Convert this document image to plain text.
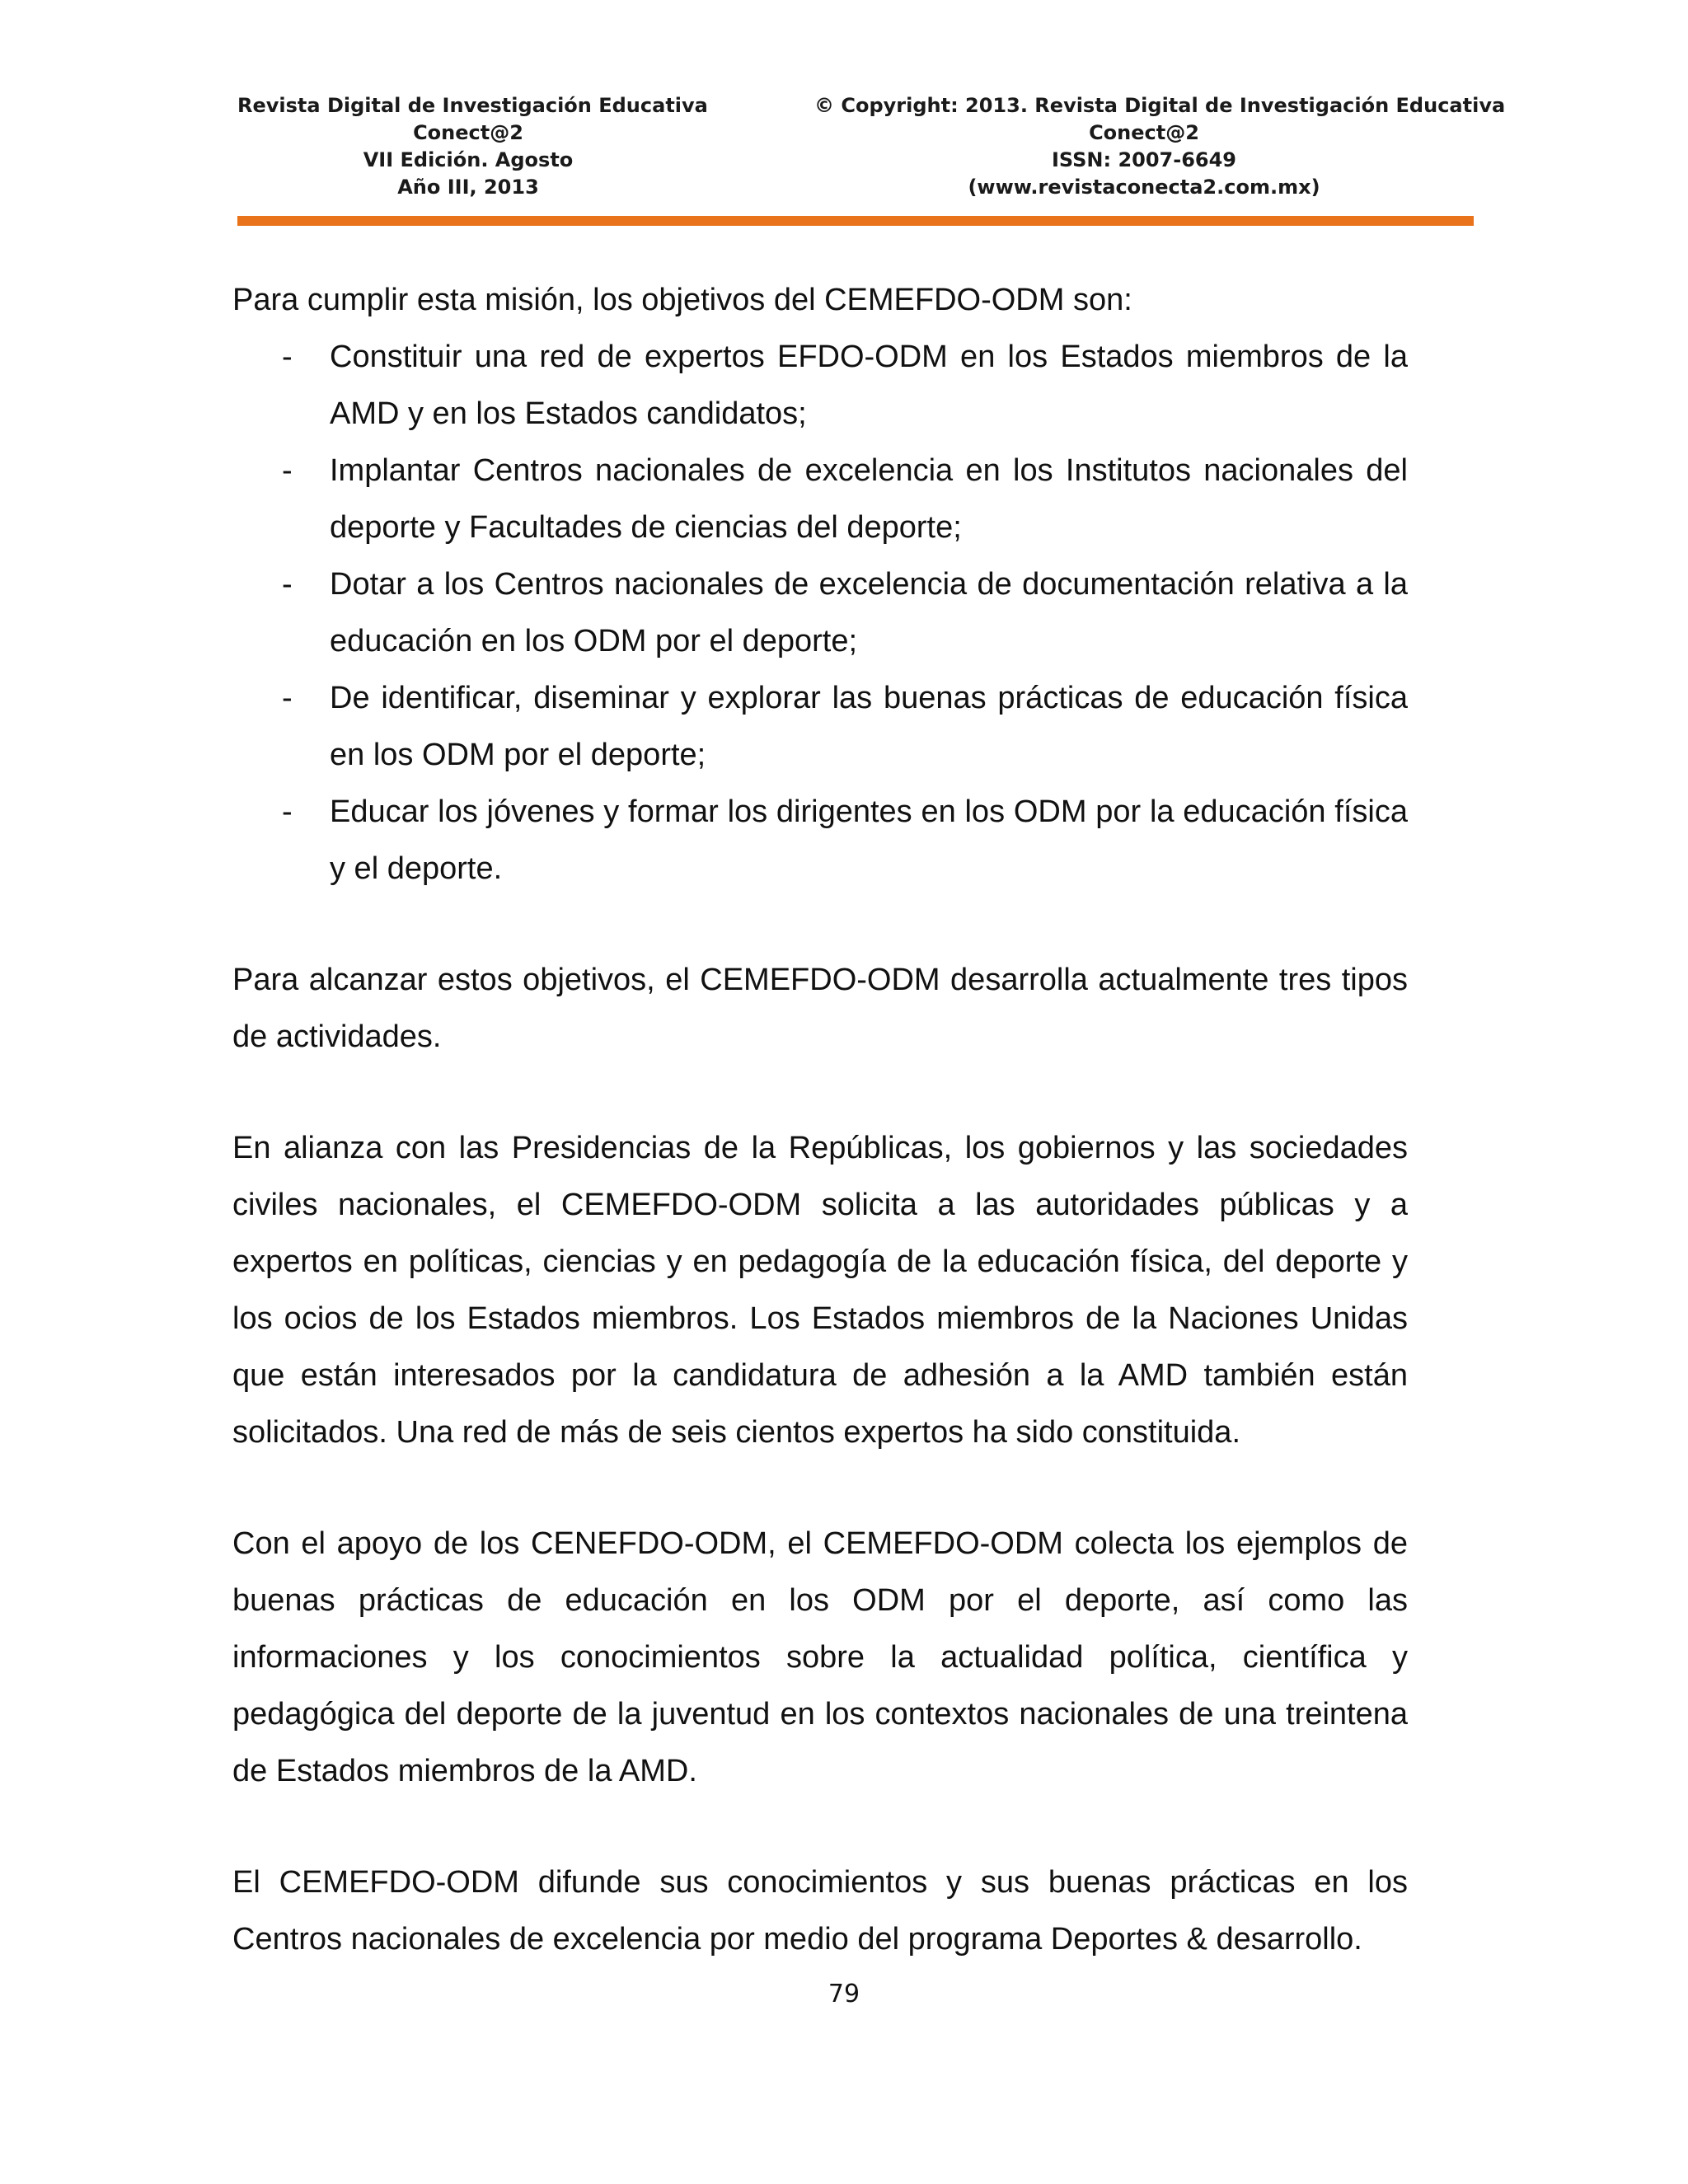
Revista Digital de Investigación Educativa
Conect@2
VII Edición. Agosto
Año III, 2013
© Copyright: 2013. Revista Digital de Investigación Educativa
Conect@2
ISSN: 2007-6649
(www.revistaconecta2.com.mx)

Para cumplir esta misión, los objetivos del CEMEFDO-ODM son:

- Constituir una red de expertos EFDO-ODM en los Estados miembros de la AMD y en los Estados candidatos;
- Implantar Centros nacionales de excelencia en los Institutos nacionales del deporte y Facultades de ciencias del deporte;
- Dotar a los Centros nacionales de excelencia de documentación relativa a la educación en los ODM por el deporte;
- De identificar, diseminar y explorar las buenas prácticas de educación física en los ODM por el deporte;
- Educar los jóvenes y formar los dirigentes en los ODM por la educación física y el deporte.

Para alcanzar estos objetivos, el CEMEFDO-ODM desarrolla actualmente tres tipos de actividades.

En alianza con las Presidencias de la Repúblicas, los gobiernos y las sociedades civiles nacionales, el CEMEFDO-ODM solicita a las autoridades públicas y a expertos en políticas, ciencias y en pedagogía de la educación física, del deporte y los ocios de los Estados miembros. Los Estados miembros de la Naciones Unidas que están interesados por la candidatura de adhesión a la AMD también están solicitados. Una red de más de seis cientos expertos ha sido constituida.

Con el apoyo de los CENEFDO-ODM, el CEMEFDO-ODM colecta los ejemplos de buenas prácticas de educación en los ODM por el deporte, así como las informaciones y los conocimientos sobre la actualidad política, científica y pedagógica del deporte de la juventud en los contextos nacionales de una treintena de Estados miembros de la AMD.

El CEMEFDO-ODM difunde sus conocimientos y sus buenas prácticas en los Centros nacionales de excelencia por medio del programa Deportes & desarrollo.

79
